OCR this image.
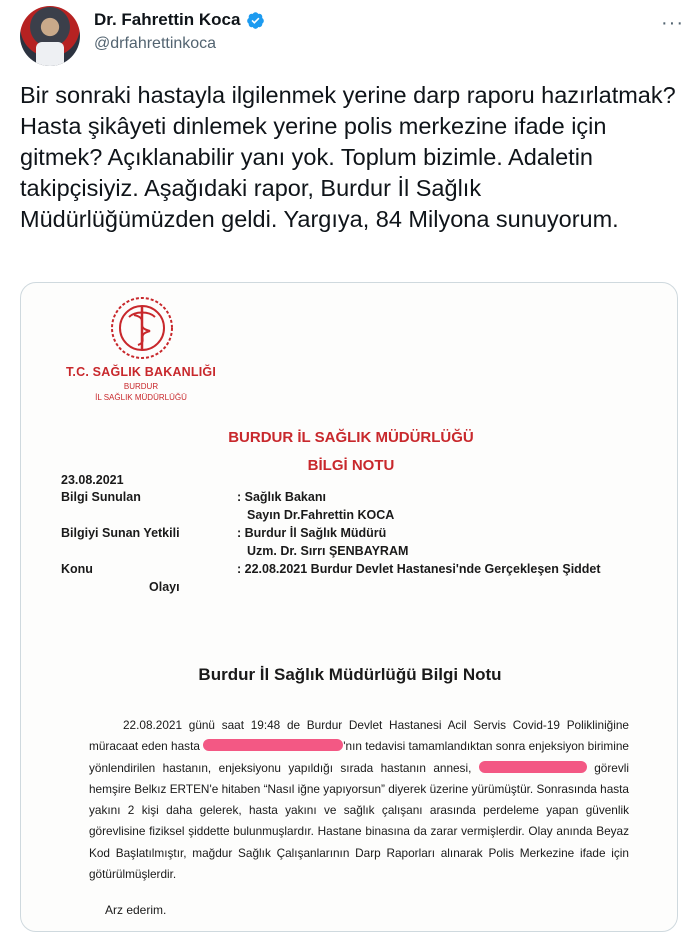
Dr. Fahrettin Koca
@drfahrettinkoca
···
Bir sonraki hastayla ilgilenmek yerine darp raporu hazırlatmak? Hasta şikâyeti dinlemek yerine polis merkezine ifade için gitmek? Açıklanabilir yanı yok. Toplum bizimle. Adaletin takipçisiyiz. Aşağıdaki rapor, Burdur İl Sağlık Müdürlüğümüzden geldi. Yargıya, 84 Milyona sunuyorum.
T.C. SAĞLIK BAKANLIĞI
BURDUR
İL SAĞLIK MÜDÜRLÜĞÜ
BURDUR İL SAĞLIK MÜDÜRLÜĞÜ
BİLGİ NOTU
23.08.2021
Bilgi Sunulan	: Sağlık Bakanı
Sayın Dr.Fahrettin KOCA
Bilgiyi Sunan Yetkili	: Burdur İl Sağlık Müdürü
Uzm. Dr. Sırrı ŞENBAYRAM
Konu	: 22.08.2021 Burdur Devlet Hastanesi'nde Gerçekleşen Şiddet
Olayı
Burdur İl Sağlık Müdürlüğü Bilgi Notu
22.08.2021 günü saat 19:48 de Burdur Devlet Hastanesi Acil Servis Covid-19 Polikliniğine müracaat eden hasta	'nın tedavisi tamamlandıktan sonra enjeksiyon birimine yönlendirilen hastanın, enjeksiyonu yapıldığı sırada hastanın annesi,	görevli hemşire Belkız ERTEN'e hitaben “Nasıl iğne yapıyorsun” diyerek üzerine yürümüştür. Sonrasında hasta yakını 2 kişi daha gelerek, hasta yakını ve sağlık çalışanı arasında perdeleme yapan güvenlik görevlisine fiziksel şiddette bulunmuşlardır. Hastane binasına da zarar vermişlerdir. Olay anında Beyaz Kod Başlatılmıştır, mağdur Sağlık Çalışanlarının Darp Raporları alınarak Polis Merkezine ifade için götürülmüşlerdir.
Arz ederim.
